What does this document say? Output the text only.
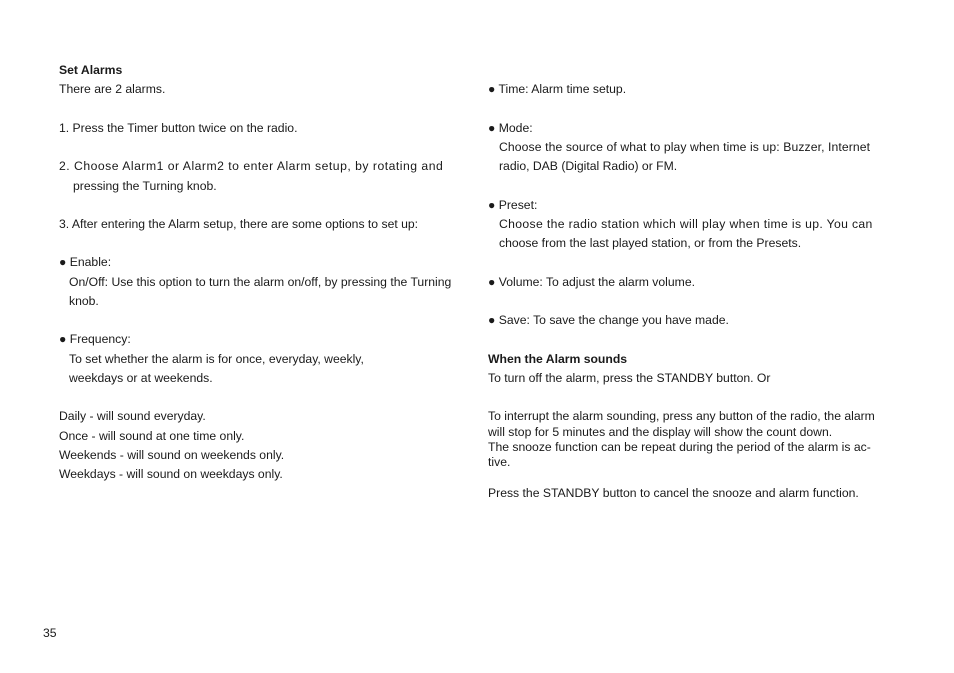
Set Alarms
There are 2 alarms.
1. Press the Timer button twice on the radio.
2. Choose Alarm1 or Alarm2 to enter Alarm setup, by rotating and
pressing the Turning knob.
3. After entering the Alarm setup, there are some options to set up:
● Enable:
On/Off: Use this option to turn the alarm on/off, by pressing the Turning
knob.
● Frequency:
To set whether the alarm is for once, everyday, weekly,
weekdays or at weekends.
Daily - will sound everyday.
Once - will sound at one time only.
Weekends - will sound on weekends only.
Weekdays - will sound on weekdays only.
● Time: Alarm time setup.
● Mode:
Choose the source of what to play when time is up: Buzzer, Internet
radio, DAB (Digital Radio) or FM.
● Preset:
Choose the radio station which will play when time is up. You can
choose from the last played station, or from the Presets.
● Volume: To adjust the alarm volume.
● Save: To save the change you have made.
When the Alarm sounds
To turn off the alarm, press the STANDBY button. Or
To interrupt the alarm sounding, press any button of the radio, the alarm
will stop for 5 minutes and the display will show the count down.
The snooze function can be repeat during the period of the alarm is ac-
tive.
Press the STANDBY button to cancel the snooze and alarm function.
35
